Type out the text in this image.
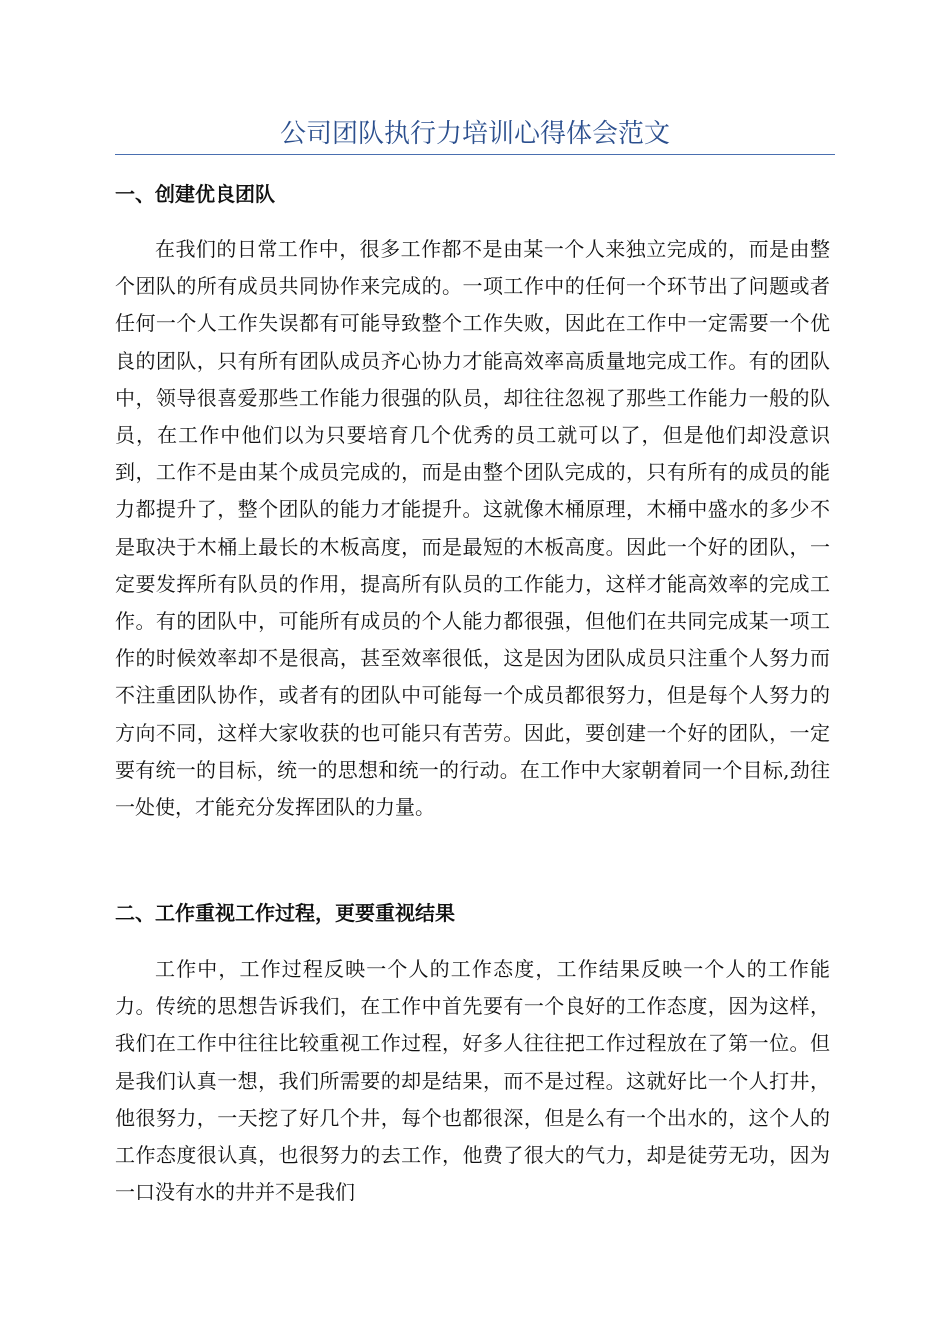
公司团队执行力培训心得体会范文
一、创建优良团队

在我们的日常工作中，很多工作都不是由某一个人来独立完成的，而是由整个团队的所有成员共同协作来完成的。一项工作中的任何一个环节出了问题或者任何一个人工作失误都有可能导致整个工作失败，因此在工作中一定需要一个优良的团队，只有所有团队成员齐心协力才能高效率高质量地完成工作。有的团队中，领导很喜爱那些工作能力很强的队员，却往往忽视了那些工作能力一般的队员，在工作中他们以为只要培育几个优秀的员工就可以了，但是他们却没意识到，工作不是由某个成员完成的，而是由整个团队完成的，只有所有的成员的能力都提升了，整个团队的能力才能提升。这就像木桶原理，木桶中盛水的多少不是取决于木桶上最长的木板高度，而是最短的木板高度。因此一个好的团队，一定要发挥所有队员的作用，提高所有队员的工作能力，这样才能高效率的完成工作。有的团队中，可能所有成员的个人能力都很强，但他们在共同完成某一项工作的时候效率却不是很高，甚至效率很低，这是因为团队成员只注重个人努力而不注重团队协作，或者有的团队中可能每一个成员都很努力，但是每个人努力的方向不同，这样大家收获的也可能只有苦劳。因此，要创建一个好的团队，一定要有统一的目标，统一的思想和统一的行动。在工作中大家朝着同一个目标,劲往一处使，才能充分发挥团队的力量。

二、工作重视工作过程，更要重视结果

工作中，工作过程反映一个人的工作态度，工作结果反映一个人的工作能力。传统的思想告诉我们，在工作中首先要有一个良好的工作态度，因为这样，我们在工作中往往比较重视工作过程，好多人往往把工作过程放在了第一位。但是我们认真一想，我们所需要的却是结果，而不是过程。这就好比一个人打井，他很努力，一天挖了好几个井，每个也都很深，但是么有一个出水的，这个人的工作态度很认真，也很努力的去工作，他费了很大的气力，却是徒劳无功，因为一口没有水的井并不是我们
